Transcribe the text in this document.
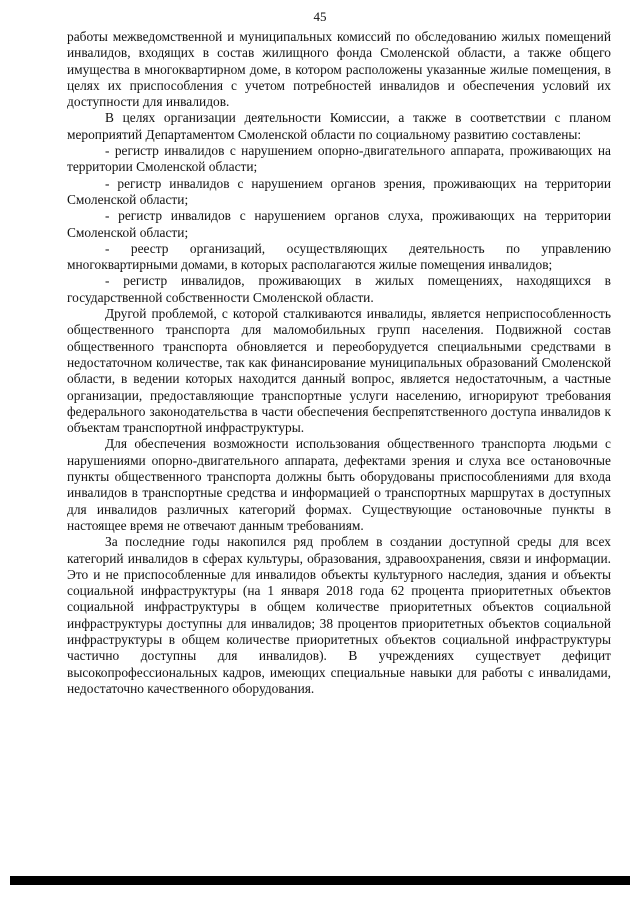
45

работы межведомственной и муниципальных комиссий по обследованию жилых помещений инвалидов, входящих в состав жилищного фонда Смоленской области, а также общего имущества в многоквартирном доме, в котором расположены указанные жилые помещения, в целях их приспособления с учетом потребностей инвалидов и обеспечения условий их доступности для инвалидов.

В целях организации деятельности Комиссии, а также в соответствии с планом мероприятий Департаментом Смоленской области по социальному развитию составлены:

- регистр инвалидов с нарушением опорно-двигательного аппарата, проживающих на территории Смоленской области;

- регистр инвалидов с нарушением органов зрения, проживающих на территории Смоленской области;

- регистр инвалидов с нарушением органов слуха, проживающих на территории Смоленской области;

- реестр организаций, осуществляющих деятельность по управлению многоквартирными домами, в которых располагаются жилые помещения инвалидов;

- регистр инвалидов, проживающих в жилых помещениях, находящихся в государственной собственности Смоленской области.

Другой проблемой, с которой сталкиваются инвалиды, является неприспособленность общественного транспорта для маломобильных групп населения. Подвижной состав общественного транспорта обновляется и переоборудуется специальными средствами в недостаточном количестве, так как финансирование муниципальных образований Смоленской области, в ведении которых находится данный вопрос, является недостаточным, а частные организации, предоставляющие транспортные услуги населению, игнорируют требования федерального законодательства в части обеспечения беспрепятственного доступа инвалидов к объектам транспортной инфраструктуры.

Для обеспечения возможности использования общественного транспорта людьми с нарушениями опорно-двигательного аппарата, дефектами зрения и слуха все остановочные пункты общественного транспорта должны быть оборудованы приспособлениями для входа инвалидов в транспортные средства и информацией о транспортных маршрутах в доступных для инвалидов различных категорий формах. Существующие остановочные пункты в настоящее время не отвечают данным требованиям.

За последние годы накопился ряд проблем в создании доступной среды для всех категорий инвалидов в сферах культуры, образования, здравоохранения, связи и информации. Это и не приспособленные для инвалидов объекты культурного наследия, здания и объекты социальной инфраструктуры (на 1 января 2018 года 62 процента приоритетных объектов социальной инфраструктуры в общем количестве приоритетных объектов социальной инфраструктуры доступны для инвалидов; 38 процентов приоритетных объектов социальной инфраструктуры в общем количестве приоритетных объектов социальной инфраструктуры частично доступны для инвалидов). В учреждениях существует дефицит высокопрофессиональных кадров, имеющих специальные навыки для работы с инвалидами, недостаточно качественного оборудования.
